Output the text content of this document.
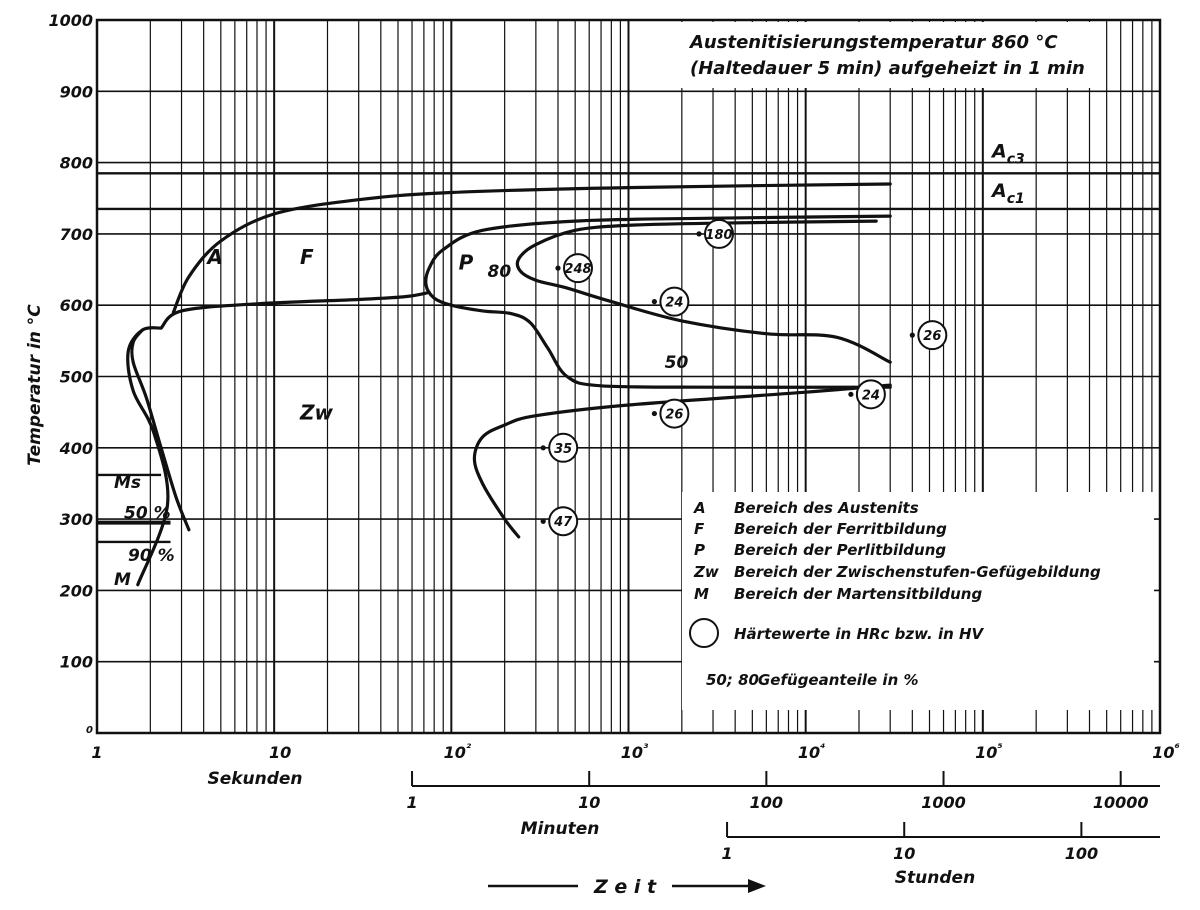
$A_{c3}$
$A_{c1}$
Ms
50 %
90 %
M
248
180
24
26
24
26
35
47
80
50
A	F	P
Zw
0
100
200
300
400
500
600
700
800
900
1000
1	10	$10^{^2}$	$10^{^3}$	$10^{^4}$	$10^{^5}$	$10^{^6}$
1	10	100	1000	10000
Minuten
1	10	100
Stunden
Austenitisierungstemperatur 860 °C
(Haltedauer 5 min) aufgeheizt in 1 min
Temperatur in °C
Sekunden
A Bereich des Austenits
F Bereich der Ferritbildung
P Bereich der Perlitbildung
Zw Bereich der Zwischenstufen-Gefügebildung
M Bereich der Martensitbildung
Härtewerte in HRc bzw. in HV
50; 80 Gefügeanteile in %
Z e i t
